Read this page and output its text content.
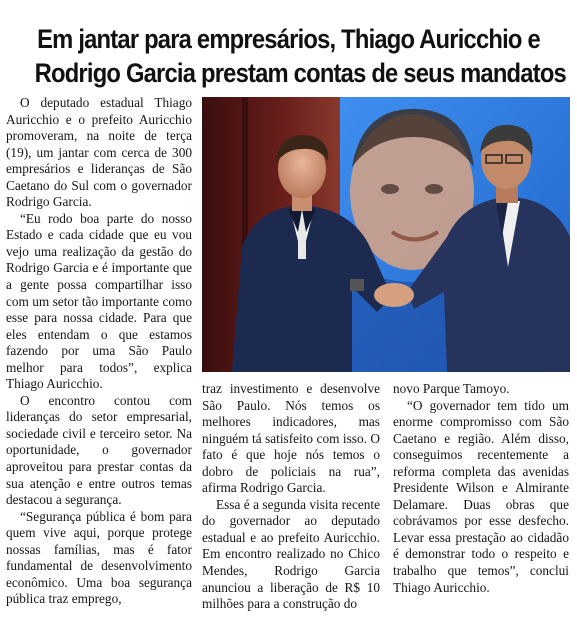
Em jantar para empresários, Thiago Auricchio e
Rodrigo Garcia prestam contas de seus mandatos

O deputado estadual Thiago Auricchio e o prefeito Auricchio promoveram, na noite de terça (19), um jantar com cerca de 300 empresários e lideranças de São Caetano do Sul com o governador Rodrigo Garcia.

“Eu rodo boa parte do nosso Estado e cada cidade que eu vou vejo uma realização da gestão do Rodrigo Garcia e é importante que a gente possa compartilhar isso com um setor tão importante como esse para nossa cidade. Para que eles entendam o que estamos fazendo por uma São Paulo melhor para todos”, explica Thiago Auricchio.

O encontro contou com lideranças do setor empresarial, sociedade civil e terceiro setor. Na oportunidade, o governador aproveitou para prestar contas da sua atenção e entre outros temas destacou a segurança.

“Segurança pública é bom para quem vive aqui, porque protege nossas famílias, mas é fator fundamental de desenvolvimento econômico. Uma boa segurança pública traz emprego,

traz investimento e desenvolve São Paulo. Nós temos os melhores indicadores, mas ninguém tá satisfeito com isso. O fato é que hoje nós temos o dobro de policiais na rua”, afirma Rodrigo Garcia.

Essa é a segunda visita recente do governador ao deputado estadual e ao prefeito Auricchio. Em encontro realizado no Chico Mendes, Rodrigo Garcia anunciou a liberação de R$ 10 milhões para a construção do

novo Parque Tamoyo.

“O governador tem tido um enorme compromisso com São Caetano e região. Além disso, conseguimos recentemente a reforma completa das avenidas Presidente Wilson e Almirante Delamare. Duas obras que cobrávamos por esse desfecho. Levar essa prestação ao cidadão é demonstrar todo o respeito e trabalho que temos”, conclui Thiago Auricchio.
